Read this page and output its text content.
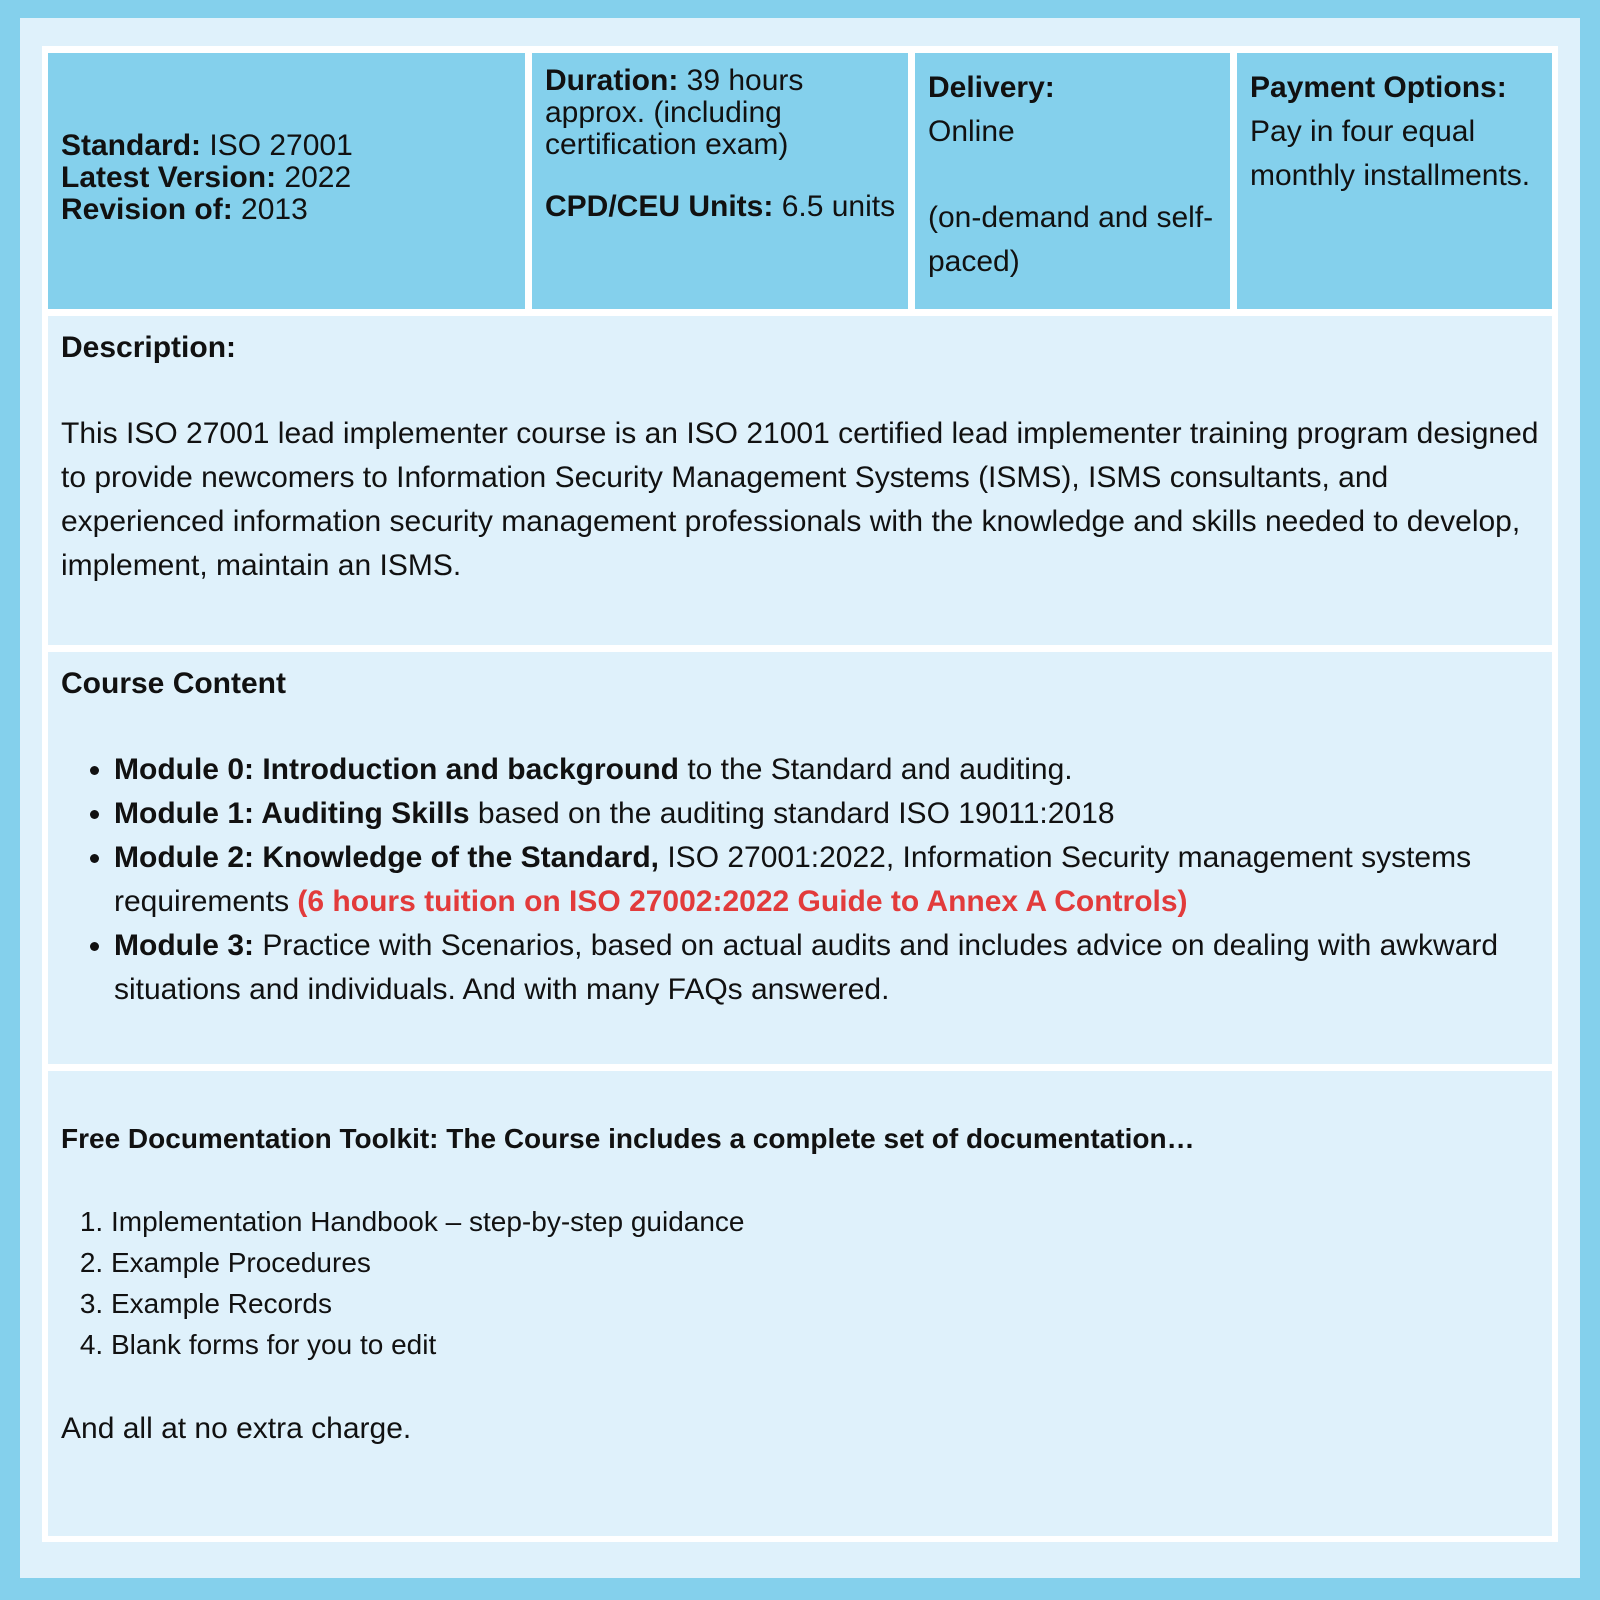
Standard: ISO 27001

Latest Version: 2022

Revision of: 2013

Duration: 39 hours approx. (including certification exam)

CPD/CEU Units: 6.5 units

Delivery:

Online

(on-demand and self-paced)

Payment Options:

Pay in four equal monthly installments.

Description:

This ISO 27001 lead implementer course is an ISO 21001 certified lead implementer training program designed to provide newcomers to Information Security Management Systems (ISMS), ISMS consultants, and experienced information security management professionals with the knowledge and skills needed to develop, implement, maintain an ISMS.

Course Content

• Module 0: Introduction and background to the Standard and auditing.
• Module 1: Auditing Skills based on the auditing standard ISO 19011:2018
• Module 2: Knowledge of the Standard, ISO 27001:2022, Information Security management systems requirements (6 hours tuition on ISO 27002:2022 Guide to Annex A Controls)
• Module 3: Practice with Scenarios, based on actual audits and includes advice on dealing with awkward situations and individuals. And with many FAQs answered.

Free Documentation Toolkit: The Course includes a complete set of documentation…

1. Implementation Handbook – step-by-step guidance
2. Example Procedures
3. Example Records
4. Blank forms for you to edit

And all at no extra charge.
